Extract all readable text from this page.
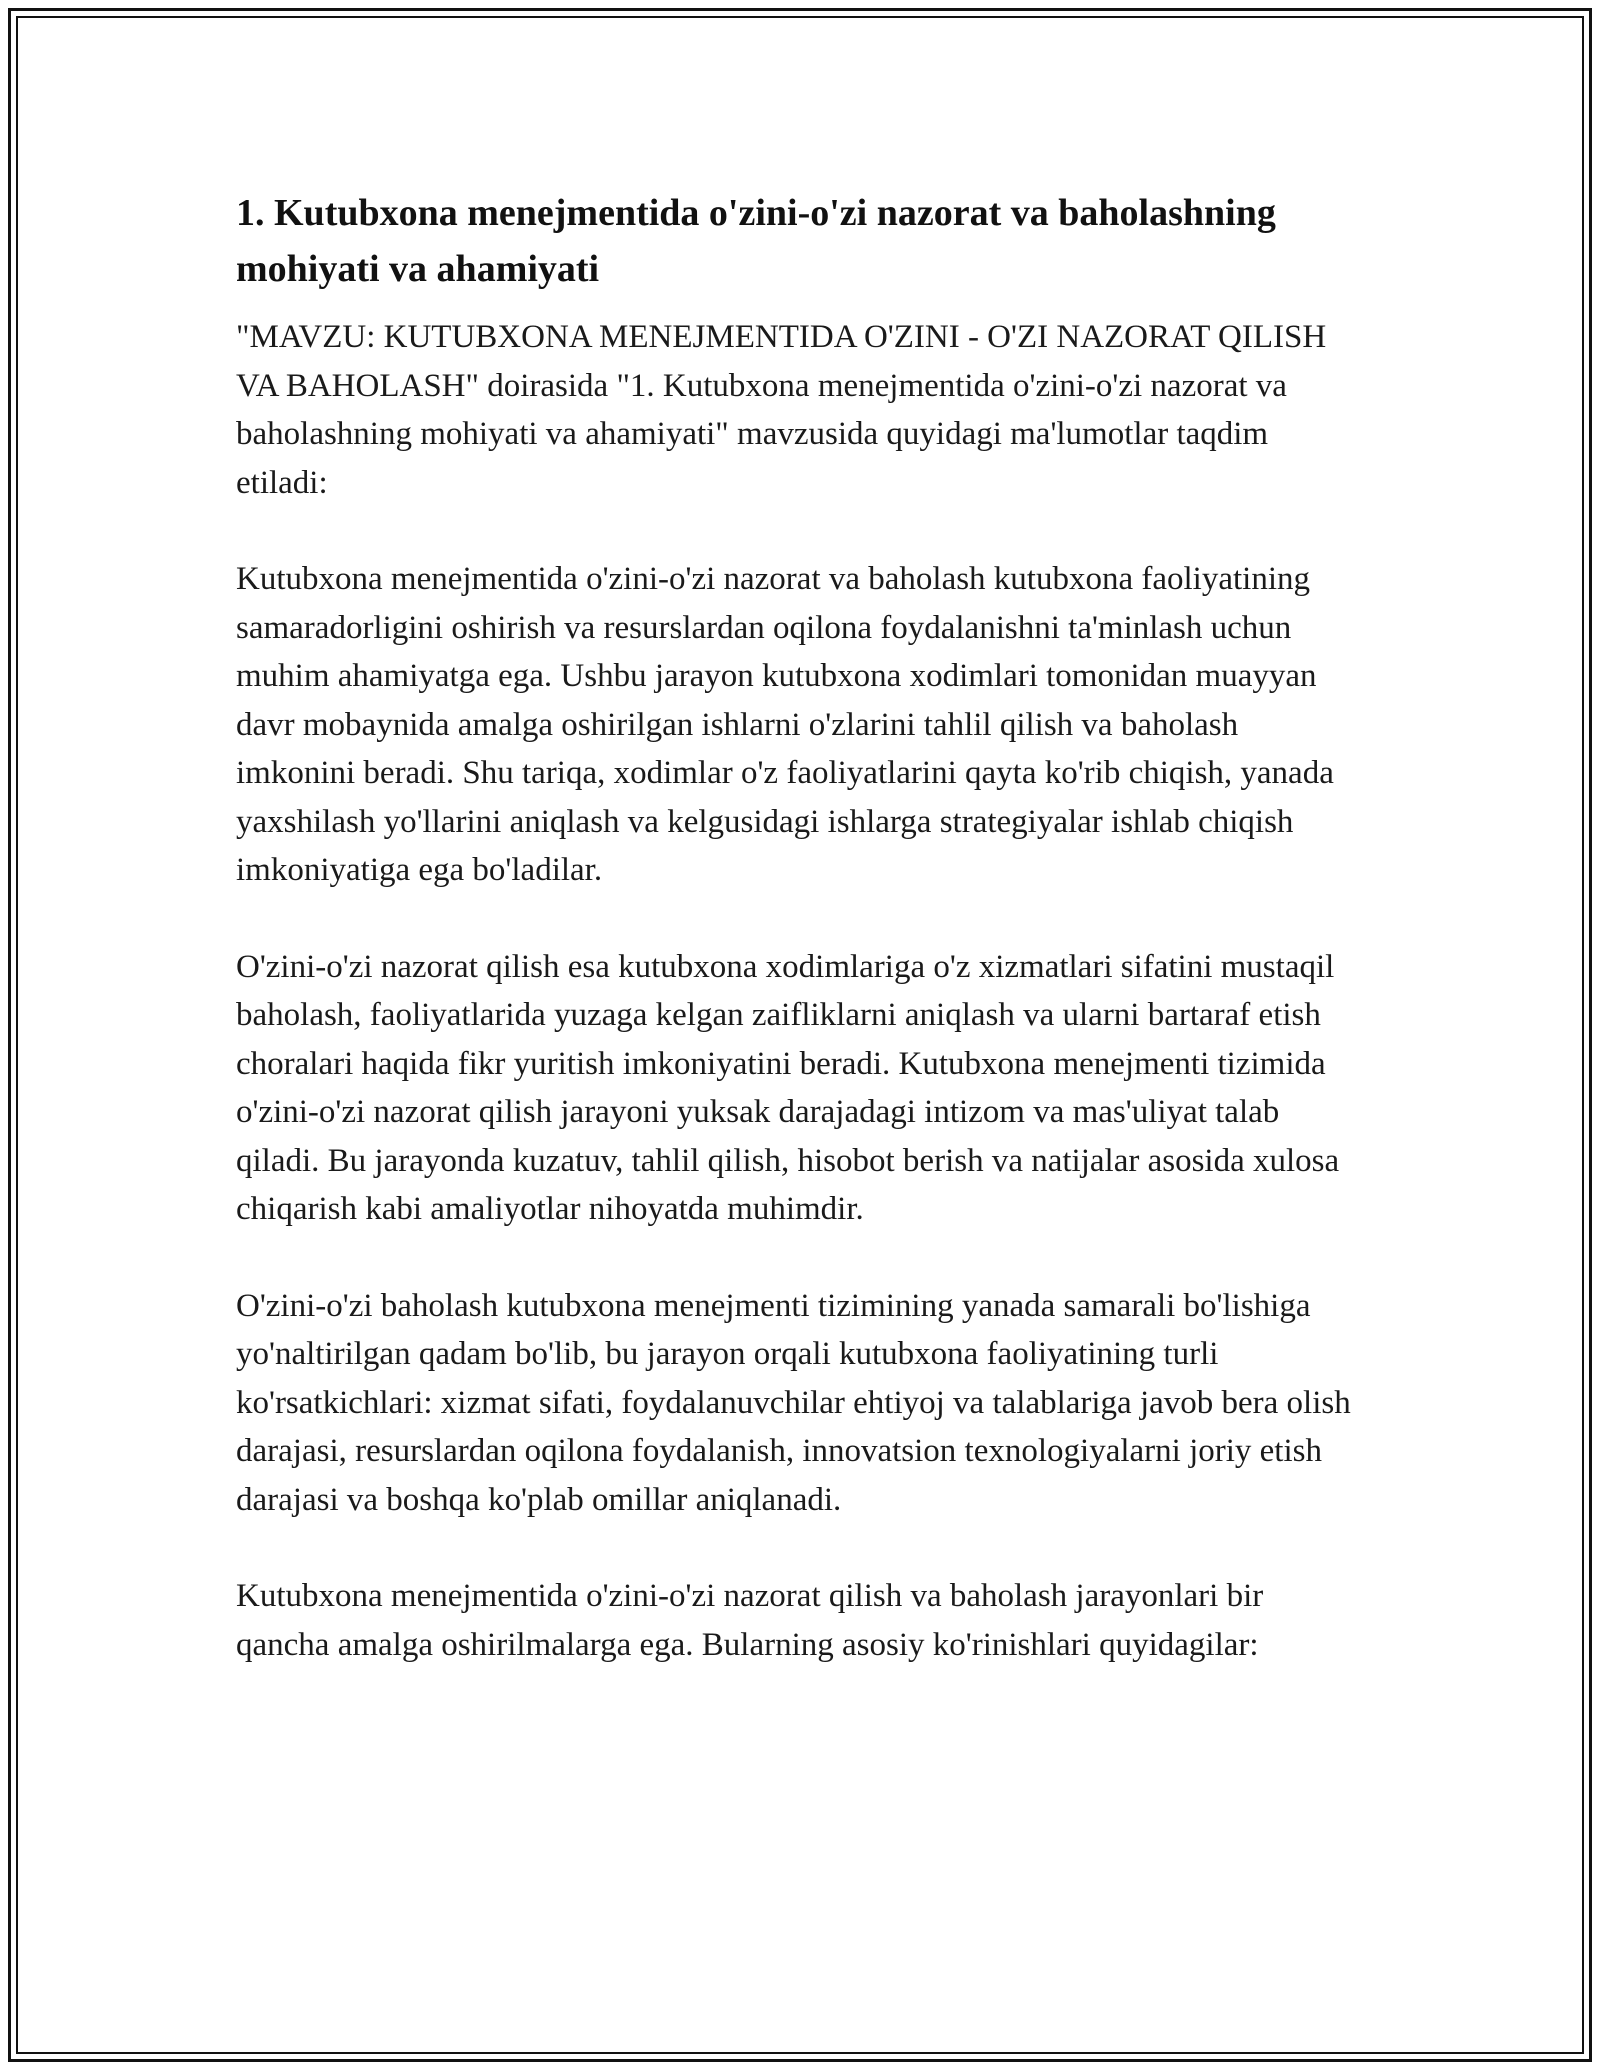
1. Kutubxona menejmentida o'zini-o'zi nazorat va baholashning mohiyati va ahamiyati

"MAVZU: KUTUBXONA MENEJMENTIDA O'ZINI - O'ZI NAZORAT QILISH VA BAHOLASH" doirasida "1. Kutubxona menejmentida o'zini-o'zi nazorat va baholashning mohiyati va ahamiyati" mavzusida quyidagi ma'lumotlar taqdim etiladi:

Kutubxona menejmentida o'zini-o'zi nazorat va baholash kutubxona faoliyatining samaradorligini oshirish va resurslardan oqilona foydalanishni ta'minlash uchun muhim ahamiyatga ega. Ushbu jarayon kutubxona xodimlari tomonidan muayyan davr mobaynida amalga oshirilgan ishlarni o'zlarini tahlil qilish va baholash imkonini beradi. Shu tariqa, xodimlar o'z faoliyatlarini qayta ko'rib chiqish, yanada yaxshilash yo'llarini aniqlash va kelgusidagi ishlarga strategiyalar ishlab chiqish imkoniyatiga ega bo'ladilar.

O'zini-o'zi nazorat qilish esa kutubxona xodimlariga o'z xizmatlari sifatini mustaqil baholash, faoliyatlarida yuzaga kelgan zaifliklarni aniqlash va ularni bartaraf etish choralari haqida fikr yuritish imkoniyatini beradi. Kutubxona menejmenti tizimida o'zini-o'zi nazorat qilish jarayoni yuksak darajadagi intizom va mas'uliyat talab qiladi. Bu jarayonda kuzatuv, tahlil qilish, hisobot berish va natijalar asosida xulosa chiqarish kabi amaliyotlar nihoyatda muhimdir.

O'zini-o'zi baholash kutubxona menejmenti tizimining yanada samarali bo'lishiga yo'naltirilgan qadam bo'lib, bu jarayon orqali kutubxona faoliyatining turli ko'rsatkichlari: xizmat sifati, foydalanuvchilar ehtiyoj va talablariga javob bera olish darajasi, resurslardan oqilona foydalanish, innovatsion texnologiyalarni joriy etish darajasi va boshqa ko'plab omillar aniqlanadi.

Kutubxona menejmentida o'zini-o'zi nazorat qilish va baholash jarayonlari bir qancha amalga oshirilmalarga ega. Bularning asosiy ko'rinishlari quyidagilar:
